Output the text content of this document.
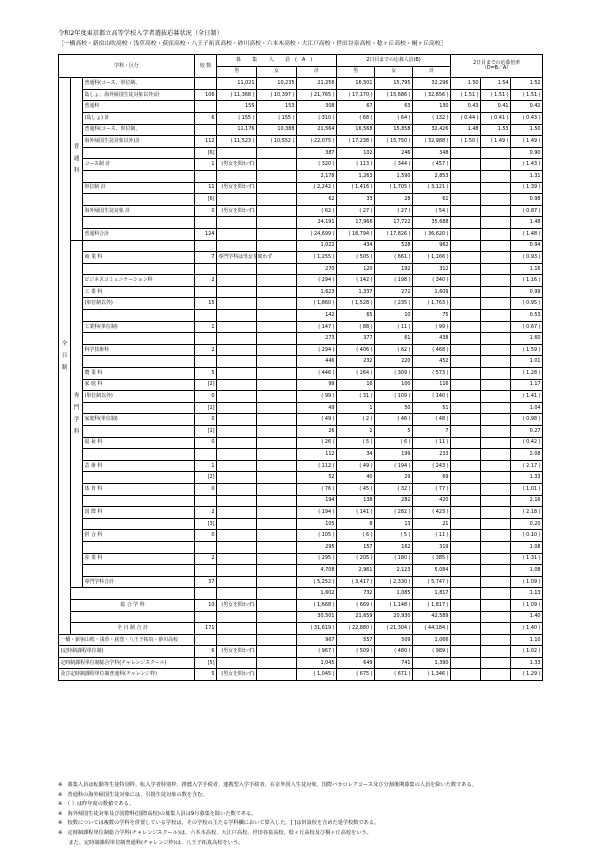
令和2年度東京都立高等学校入学者選抜応募状況（全日制）
［一橋高校・新宿山吹高校・浅草高校・荻窪高校・八王子拓真高校・砂川高校・六本木高校・大江戸高校・世田谷泉高校・稔ヶ丘高校・桐ヶ丘高校］
学科・区分			校 数	募 集 人 員(A)			2日目までの応募人員(B)			2日目までの応募倍率
（D=B／A）		
				男	女	計	男	女	計			

全
日
制	普
通
科	普通科(コース、単位制、		11,021	10,235	21,256	16,501	15,795	32,296	1.50	1.54	1.52
		島しょ、海外帰国生徒対象以外)計	106	( 11,368 )	( 10,397 )	( 21,765 )	( 17,170 )	( 15,686 )	( 32,856 )	( 1.51 )	( 1.51 )	( 1.51 )
		普通科		155	153	308	67	63	130	0.43	0.41	0.42
		(島しょ) 計	6	( 155 )	( 155 )	( 310 )	( 68 )	( 64 )	( 132 )	( 0.44 )	( 0.41 )	( 0.43 )
		普通科(コース、単位制、		11,176	10,388	21,564	16,568	15,858	32,426	1.48	1.53	1.50
		海外帰国生徒対象以外)計	112	( 11,523 )	( 10,552 )	( 22,075 )	( 17,238 )	( 15,750 )	( 32,988 )	( 1.50 )	( 1.49 )	( 1.49 )
			[6]			387	102	246	348			0.90
		コース制 計	1	(男女を問わず)		( 320 )	( 113 )	( 344 )	( 457 )			( 1.43 )
						2,178	1,263	1,590	2,853			1.31
		単位制 計	11	(男女を問わず)		( 2,242 )	( 1,416 )	( 1,705 )	( 3,121 )			( 1.39 )
			[6]			62	33	28	61			0.98
		海外帰国生徒対象 計	0	(男女を問わず)		( 62 )	( 27 )	( 27 )	( 54 )			( 0.87 )
						24,191	17,966	17,722	35,688			1.48
		普通科合計	124			( 24,699 )	( 18,794 )	( 17,826 )	( 36,620 )			( 1.48 )

	専
門
学
科					1,022	434	528	962			0.94
		商 業 科	7	専門学科は男女を問わず		( 1,255 )	( 505 )	( 661 )	( 1,166 )			( 0.93 )
						270	120	192	312			1.16
		ビジネスコミュニケーション科	2			( 294 )	( 142 )	( 198 )	( 340 )			( 1.16 )
		工 業 科				1,623	1,337	272	1,609			0.99
		(単位制以外)	15			( 1,860 )	( 1,528 )	( 235 )	( 1,763 )			( 0.95 )
						142	65	10	75			0.53
		工業科(単位制)	1			( 147 )	( 88 )	( 11 )	( 99 )			( 0.67 )
						273	377	61	438			1.60
		科学技術科	2			( 294 )	( 406 )	( 62 )	( 468 )			( 1.59 )
						446	232	220	452			1.01
		農 業 科	5			( 446 )	( 264 )	( 309 )	( 573 )			( 1.28 )
		家 庭 科	[2]			99	16	100	116			1.17
		(単位制以外)	0			( 99 )	( 31 )	( 109 )	( 140 )			( 1.41 )
			[1]			49	1	50	51			1.04
		家庭科(単位制)	0			( 49 )	( 2 )	( 46 )	( 48 )			( 0.98 )
			[1]			26	2	5	7			0.27
		福 祉 科	0			( 26 )	( 5 )	( 6 )	( 11 )			( 0.42 )
						112	34	199	233			2.08
		芸 術 科	1			( 112 )	( 49 )	( 194 )	( 243 )			( 2.17 )
			[2]			52	40	29	69			1.33
		体 育 科	0			( 76 )	( 45 )	( 32 )	( 77 )			( 1.01 )
						194	138	282	420			2.16
		国 際 科	2			( 194 )	( 141 )	( 282 )	( 423 )			( 2.18 )
			[3]			105	8	13	21			0.20
		併 合 科	0			( 105 )	( 6 )	( 5 )	( 11 )			( 0.10 )
						295	157	162	319			1.08
		産 業 科	2			( 295 )	( 205 )	( 180 )	( 385 )			( 1.31 )
						4,708	2,961	2,123	5,084			1.08
		専門学科合計	37			( 5,252 )	( 3,417 )	( 2,330 )	( 5,747 )			( 1.09 )
						1,602	732	1,085	1,817			1.13
	総 合 学 科		10	(男女を問わず)		( 1,668 )	( 669 )	( 1,148 )	( 1,817 )			( 1.09 )
						30,501	21,659	20,930	42,589			1.40
	全 日 制 合 計		171			( 31,619 )	( 22,880 )	( 21,304 )	( 44,184 )			( 1.40 )
一橋・新宿山吹・浅草・荻窪・八王子拓真・砂川高校						967	557	509	1,066			1.10
(定時制課程単位制)			6	(男女を問わず)		( 967 )	( 509 )	( 480 )	( 989 )			( 1.02 )
定時制課程単位制総合学科(チャレンジスクール)			[5]			1,045	649	741	1,390			1.33
及び定時制課程単位制普通科(チャレンジ枠)			5	(男女を問わず)		( 1,045 )	( 675 )	( 671 )	( 1,346 )			( 1.29 )
※　募集人員は転勤等生徒特別枠、転入学者特別枠、推薦入学手続者、連携型入学手続者、在京外国人生徒対象、国際バカロレアコース及び分割後期募集の人員を除いた数である。
※　普通科の海外帰国生徒対象には、引揚生徒対象の数を含む。
※　（ ）は昨年度の数値である。
※　海外帰国生徒対象及び国際科(国際高校)の募集人員は9月募集を除いた数である。
※　校数については複数の学科を併置している学校は、その学校の主たる学科欄において算入した。[ ]は併設校を含めた延学校数である。
※　定時制課程単位制総合学科(チャレンジスクール)は、六本木高校、大江戸高校、世田谷泉高校、稔ヶ丘高校及び桐ヶ丘高校をいう。
　　また、定時制課程単位制普通科(チャレンジ枠)は、八王子拓真高校をいう。
